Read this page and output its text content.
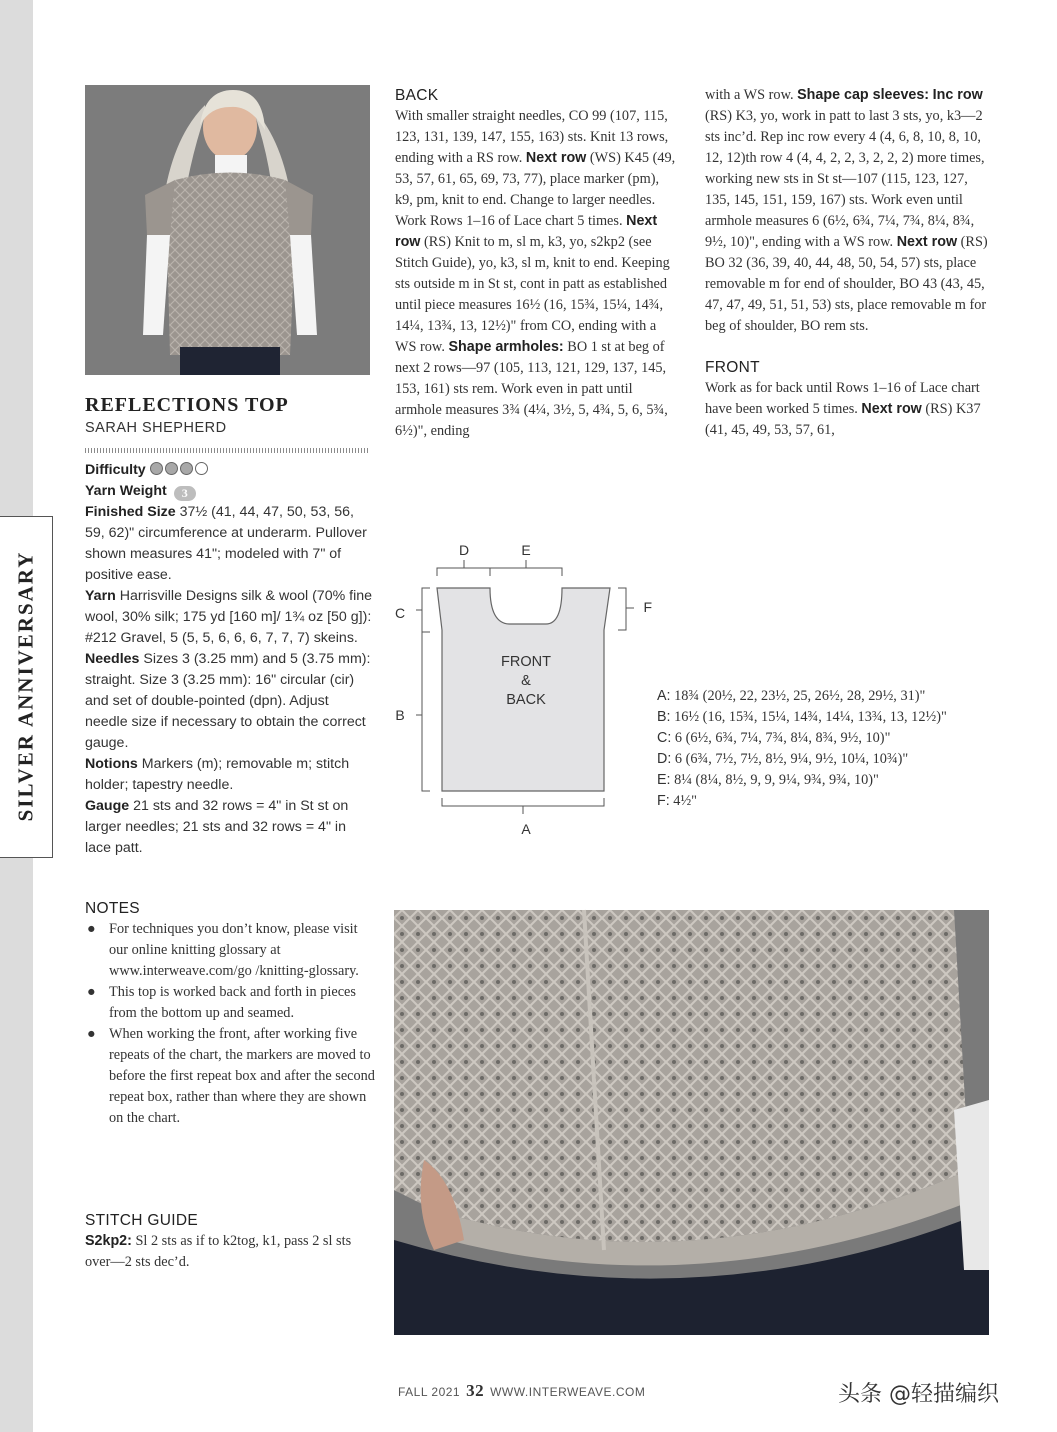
SILVER ANNIVERSARY
REFLECTIONS TOP
SARAH SHEPHERD

Difficulty

Yarn Weight 3

Finished Size 37½ (41, 44, 47, 50, 53, 56, 59, 62)" circumference at underarm. Pullover shown measures 41"; modeled with 7" of positive ease.

Yarn Harrisville Designs silk & wool (70% fine wool, 30% silk; 175 yd [160 m]/ 1¾ oz [50 g]): #212 Gravel, 5 (5, 5, 6, 6, 6, 7, 7, 7) skeins.

Needles Sizes 3 (3.25 mm) and 5 (3.75 mm): straight. Size 3 (3.25 mm): 16" circular (cir) and set of double-pointed (dpn). Adjust needle size if necessary to obtain the correct gauge.

Notions Markers (m); removable m; stitch holder; tapestry needle.

Gauge 21 sts and 32 rows = 4" in St st on larger needles; 21 sts and 32 rows = 4" in lace patt.

NOTES
● For techniques you don’t know, please visit our online knitting glossary at www.interweave.com/go /knitting-glossary.
● This top is worked back and forth in pieces from the bottom up and seamed.
● When working the front, after working five repeats of the chart, the markers are moved to before the first repeat box and after the second repeat box, rather than where they are shown on the chart.
STITCH GUIDE

S2kp2: Sl 2 sts as if to k2tog, k1, pass 2 sl sts over—2 sts dec’d.

BACK

With smaller straight needles, CO 99 (107, 115, 123, 131, 139, 147, 155, 163) sts. Knit 13 rows, ending with a RS row. Next row (WS) K45 (49, 53, 57, 61, 65, 69, 73, 77), place marker (pm), k9, pm, knit to end. Change to larger needles. Work Rows 1–16 of Lace chart 5 times. Next row (RS) Knit to m, sl m, k3, yo, s2kp2 (see Stitch Guide), yo, k3, sl m, knit to end. Keeping sts outside m in St st, cont in patt as established until piece measures 16½ (16, 15¾, 15¼, 14¾, 14¼, 13¾, 13, 12½)" from CO, ending with a WS row. Shape armholes: BO 1 st at beg of next 2 rows—97 (105, 113, 121, 129, 137, 145, 153, 161) sts rem. Work even in patt until armhole measures 3¾ (4¼, 3½, 5, 4¾, 5, 6, 5¾, 6½)", ending

with a WS row. Shape cap sleeves: Inc row (RS) K3, yo, work in patt to last 3 sts, yo, k3—2 sts inc’d. Rep inc row every 4 (4, 6, 8, 10, 8, 10, 12, 12)th row 4 (4, 4, 2, 2, 3, 2, 2, 2) more times, working new sts in St st—107 (115, 123, 127, 135, 145, 151, 159, 167) sts. Work even until armhole measures 6 (6½, 6¾, 7¼, 7¾, 8¼, 8¾, 9½, 10)", ending with a WS row. Next row (RS) BO 32 (36, 39, 40, 44, 48, 50, 54, 57) sts, place removable m for end of shoulder, BO 43 (43, 45, 47, 47, 49, 51, 51, 53) sts, place removable m for beg of shoulder, BO rem sts.

FRONT

Work as for back until Rows 1–16 of Lace chart have been worked 5 times. Next row (RS) K37 (41, 45, 49, 53, 57, 61,

D	E
C
B
F
A
FRONT
&
BACK	A: 18¾ (20½, 22, 23½, 25, 26½, 28, 29½, 31)"

B: 16½ (16, 15¾, 15¼, 14¾, 14¼, 13¾, 13, 12½)"

C: 6 (6½, 6¾, 7¼, 7¾, 8¼, 8¾, 9½, 10)"

D: 6 (6¾, 7½, 7½, 8½, 9¼, 9½, 10¼, 10¾)"

E: 8¼ (8¼, 8½, 9, 9, 9¼, 9¾, 9¾, 10)"

F: 4½"

FALL 2021 32 WWW.INTERWEAVE.COM	头条 @轻描编织
